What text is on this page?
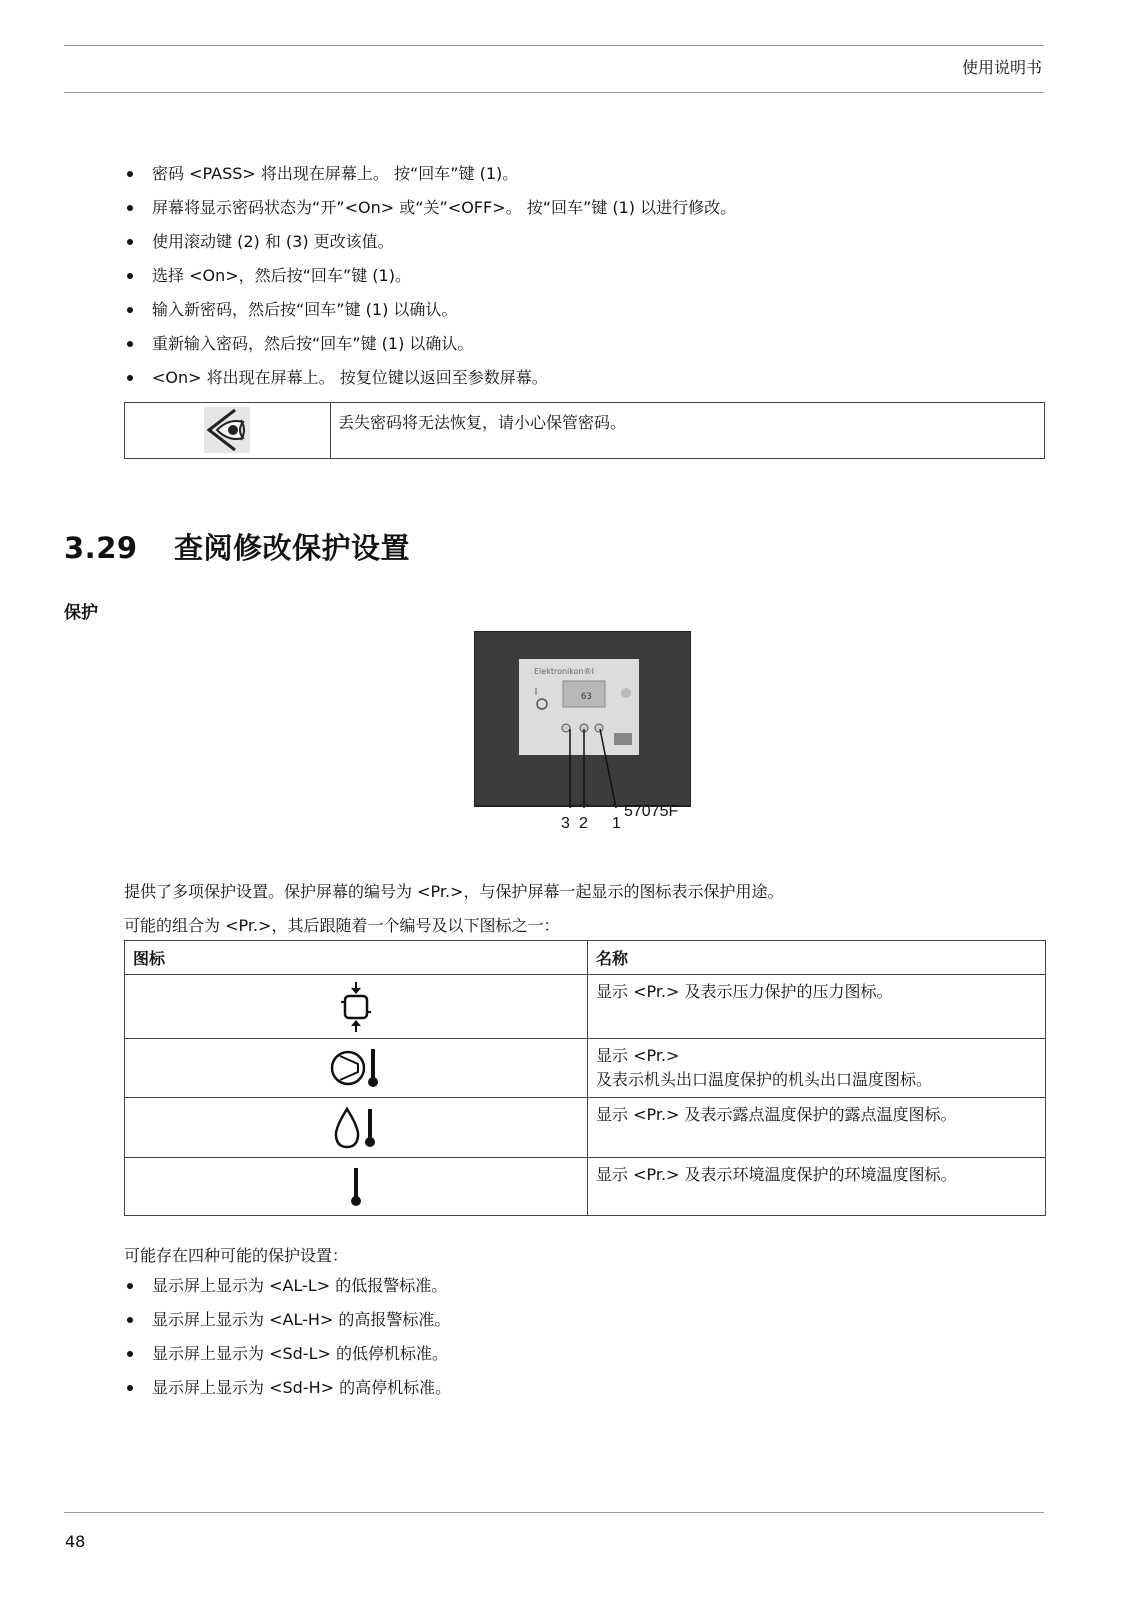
使用说明书
密码 <PASS> 将出现在屏幕上。 按“回车”键 (1)。
屏幕将显示密码状态为“开”<On> 或“关”<OFF>。 按“回车”键 (1) 以进行修改。
使用滚动键 (2) 和 (3) 更改该值。
选择 <On>，然后按“回车”键 (1)。
输入新密码，然后按“回车”键 (1) 以确认。
重新输入密码，然后按“回车”键 (1) 以确认。
<On> 将出现在屏幕上。 按复位键以返回至参数屏幕。
丢失密码将无法恢复，请小心保管密码。
3.29 查阅修改保护设置
保护
Elektronikon®I
63
3 2 1
57075F
提供了多项保护设置。保护屏幕的编号为 <Pr.>，与保护屏幕一起显示的图标表示保护用途。
可能的组合为 <Pr.>，其后跟随着一个编号及以下图标之一：
图标	名称

显示 <Pr.> 及表示压力保护的压力图标。

显示 <Pr.>
及表示机头出口温度保护的机头出口温度图标。

显示 <Pr.> 及表示露点温度保护的露点温度图标。

显示 <Pr.> 及表示环境温度保护的环境温度图标。
可能存在四种可能的保护设置：
显示屏上显示为 <AL-L> 的低报警标准。
显示屏上显示为 <AL-H> 的高报警标准。
显示屏上显示为 <Sd-L> 的低停机标准。
显示屏上显示为 <Sd-H> 的高停机标准。
48
